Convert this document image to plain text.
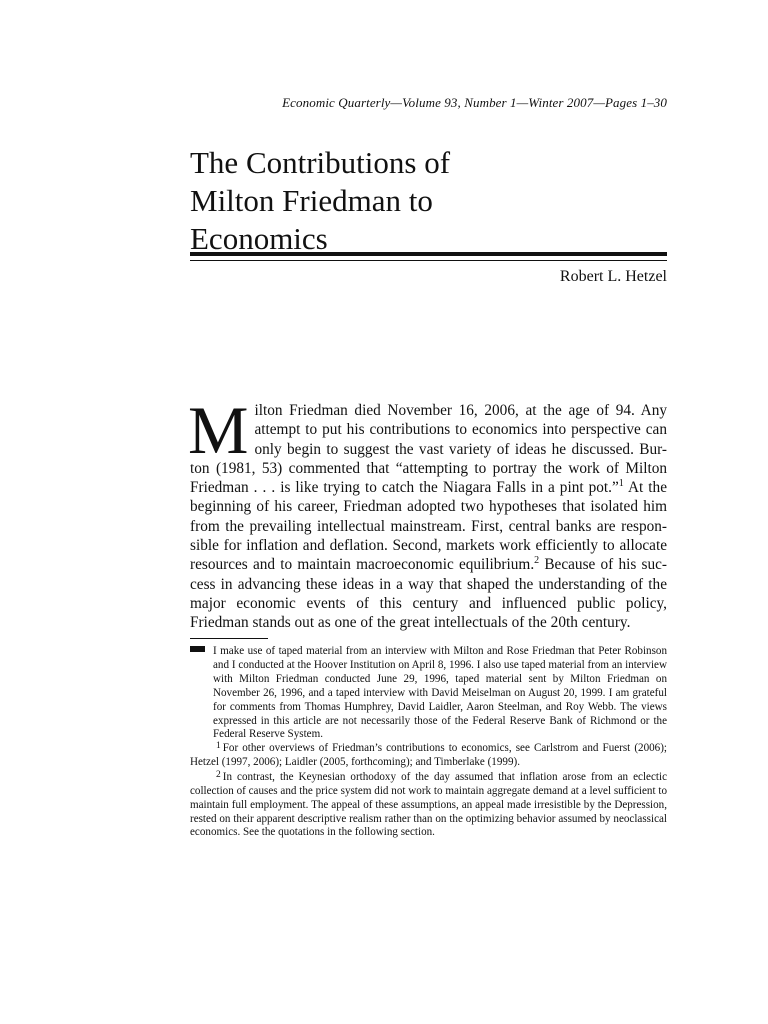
Economic Quarterly—Volume 93, Number 1—Winter 2007—Pages 1–30
The Contributions of
Milton Friedman to
Economics
Robert L. Hetzel

M ilton Friedman died November 16, 2006, at the age of 94. Any attempt to put his contributions to economics into perspective can only begin to suggest the vast variety of ideas he discussed. Bur- ton (1981, 53) commented that “attempting to portray the work of Milton Friedman . . . is like trying to catch the Niagara Falls in a pint pot.”$^1$ At the beginning of his career, Friedman adopted two hypotheses that isolated him from the prevailing intellectual mainstream. First, central banks are respon- sible for inflation and deflation. Second, markets work efficiently to allocate resources and to maintain macroeconomic equilibrium.$^2$ Because of his suc- cess in advancing these ideas in a way that shaped the understanding of the major economic events of this century and influenced public policy, Friedman stands out as one of the great intellectuals of the 20th century.

I make use of taped material from an interview with Milton and Rose Friedman that Peter Robinson and I conducted at the Hoover Institution on April 8, 1996. I also use taped material from an interview with Milton Friedman conducted June 29, 1996, taped material sent by Milton Friedman on November 26, 1996, and a taped interview with David Meiselman on August 20, 1999. I am grateful for comments from Thomas Humphrey, David Laidler, Aaron Steelman, and Roy Webb. The views expressed in this article are not necessarily those of the Federal Reserve Bank of Richmond or the Federal Reserve System.

1 For other overviews of Friedman’s contributions to economics, see Carlstrom and Fuerst (2006); Hetzel (1997, 2006); Laidler (2005, forthcoming); and Timberlake (1999).

2 In contrast, the Keynesian orthodoxy of the day assumed that inflation arose from an eclectic collection of causes and the price system did not work to maintain aggregate demand at a level sufficient to maintain full employment. The appeal of these assumptions, an appeal made irresistible by the Depression, rested on their apparent descriptive realism rather than on the optimizing behavior assumed by neoclassical economics. See the quotations in the following section.
